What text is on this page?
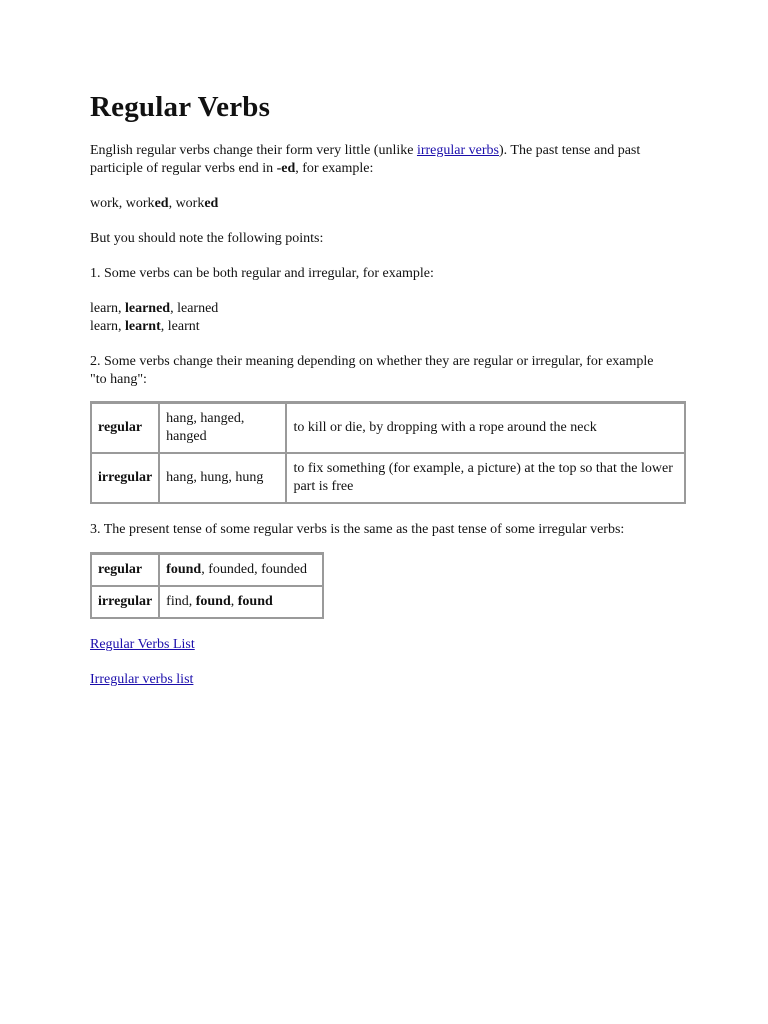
Regular Verbs

English regular verbs change their form very little (unlike irregular verbs). The past tense and past participle of regular verbs end in -ed, for example:

work, worked, worked

But you should note the following points:

1. Some verbs can be both regular and irregular, for example:

learn, learned, learned
learn, learnt, learnt

2. Some verbs change their meaning depending on whether they are regular or irregular, for example "to hang":

regular	hang, hanged, hanged	to kill or die, by dropping with a rope around the neck
irregular	hang, hung, hung	to fix something (for example, a picture) at the top so that the lower part is free

3. The present tense of some regular verbs is the same as the past tense of some irregular verbs:

regular	found, founded, founded
irregular	find, found, found

Regular Verbs List

Irregular verbs list
